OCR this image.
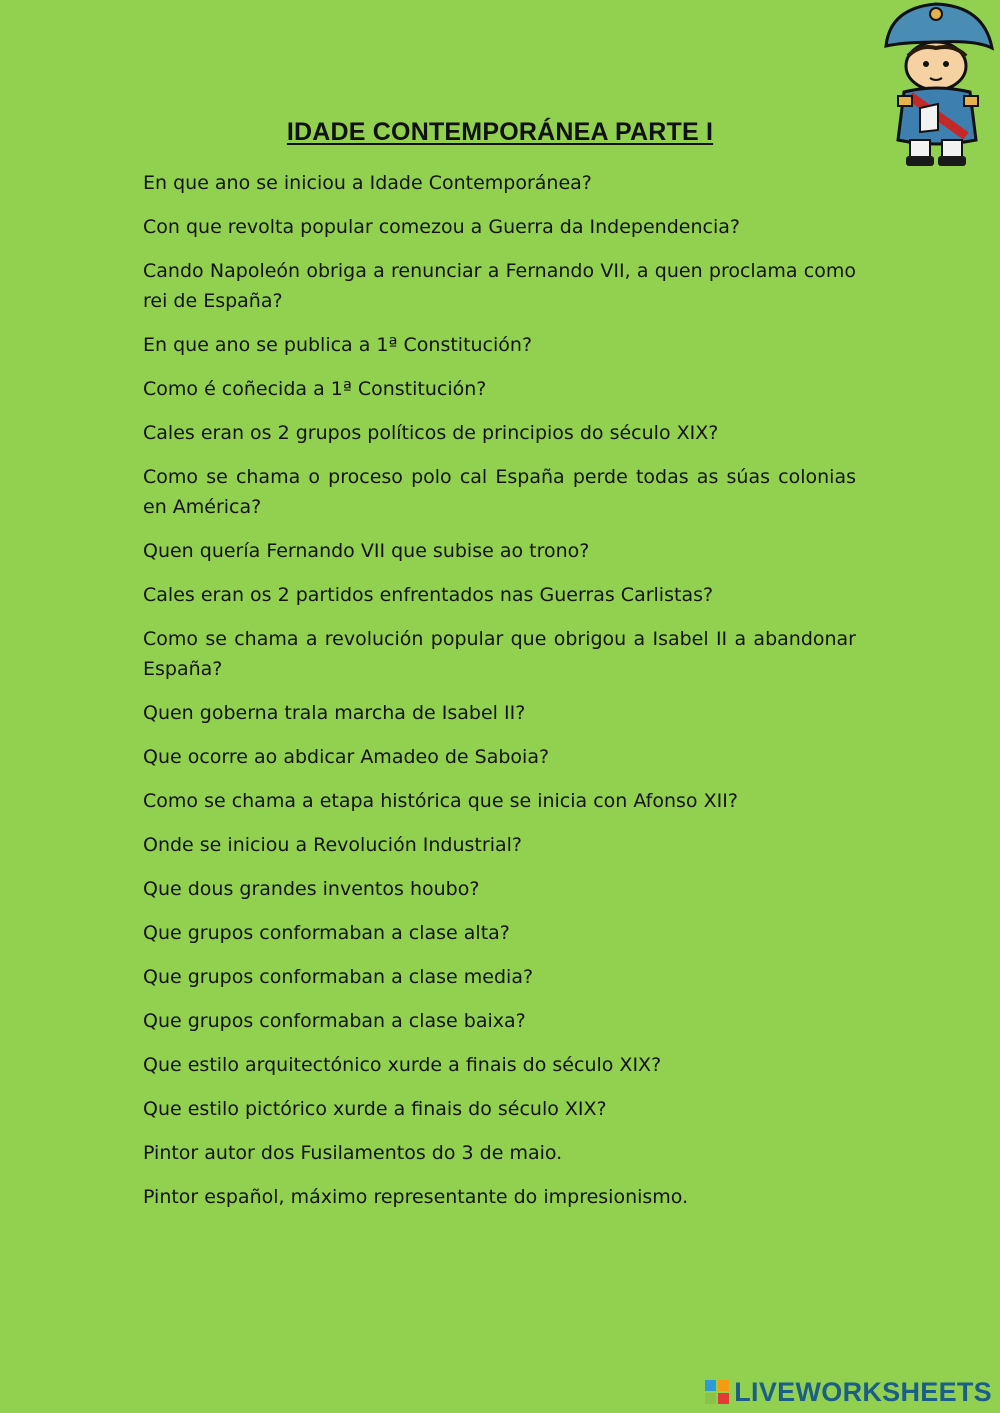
IDADE CONTEMPORÁNEA PARTE I
En que ano se iniciou a Idade Contemporánea?
Con que revolta popular comezou a Guerra da Independencia?
Cando Napoleón obriga a renunciar a Fernando VII, a quen proclama como rei de España?
En que ano se publica a 1ª Constitución?
Como é coñecida a 1ª Constitución?
Cales eran os 2 grupos políticos de principios do século XIX?
Como se chama o proceso polo cal España perde todas as súas colonias en América?
Quen quería Fernando VII que subise ao trono?
Cales eran os 2 partidos enfrentados nas Guerras Carlistas?
Como se chama a revolución popular que obrigou a Isabel II a abandonar España?
Quen goberna trala marcha de Isabel II?
Que ocorre ao abdicar Amadeo de Saboia?
Como se chama a etapa histórica que se inicia con Afonso XII?
Onde se iniciou a Revolución Industrial?
Que dous grandes inventos houbo?
Que grupos conformaban a clase alta?
Que grupos conformaban a clase media?
Que grupos conformaban a clase baixa?
Que estilo arquitectónico xurde a finais do século XIX?
Que estilo pictórico xurde a finais do século XIX?
Pintor autor dos Fusilamentos do 3 de maio.
Pintor español, máximo representante do impresionismo.
LIVEWORKSHEETS
